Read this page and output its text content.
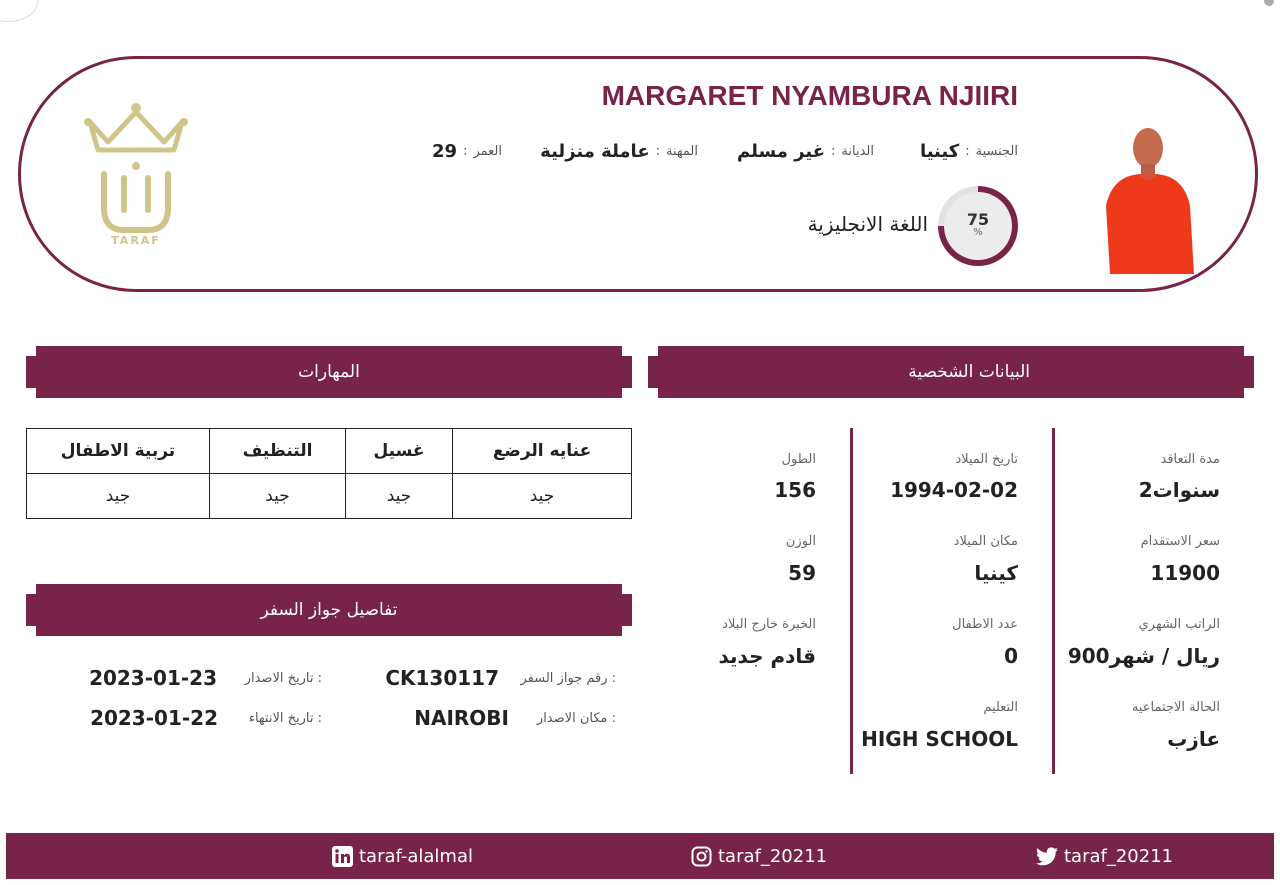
MARGARET NYAMBURA NJIIRI
الجنسية
:
كينيا
الديانة
:
غير مسلم
المهنة
:
عاملة منزلية
العمر
:
29
75
%
اللغة الانجليزية
TARAF
البيانات الشخصية
المهارات
تفاصيل جواز السفر
مدة التعاقد
2سنوات
سعر الاستقدام
11900
الراتب الشهري
900ريال / شهر
الحالة الاجتماعيه
عازب
تاريخ الميلاد
1994-02-02
مكان الميلاد
كينيا
عدد الاطفال
0
التعليم
HIGH SCHOOL
الطول
156
الوزن
59
الخبرة خارج البلاد
قادم جديد
عنايه الرضع	غسيل	التنظيف	تربية الاطفال
جيد	جيد	جيد	جيد
رقم جواز السفر :
CK130117
مكان الاصدار :
NAIROBI
تاريخ الاصدار :
2023-01-23
تاريخ الانتهاء :
2023-01-22
taraf-alalmal	taraf_20211	taraf_20211
